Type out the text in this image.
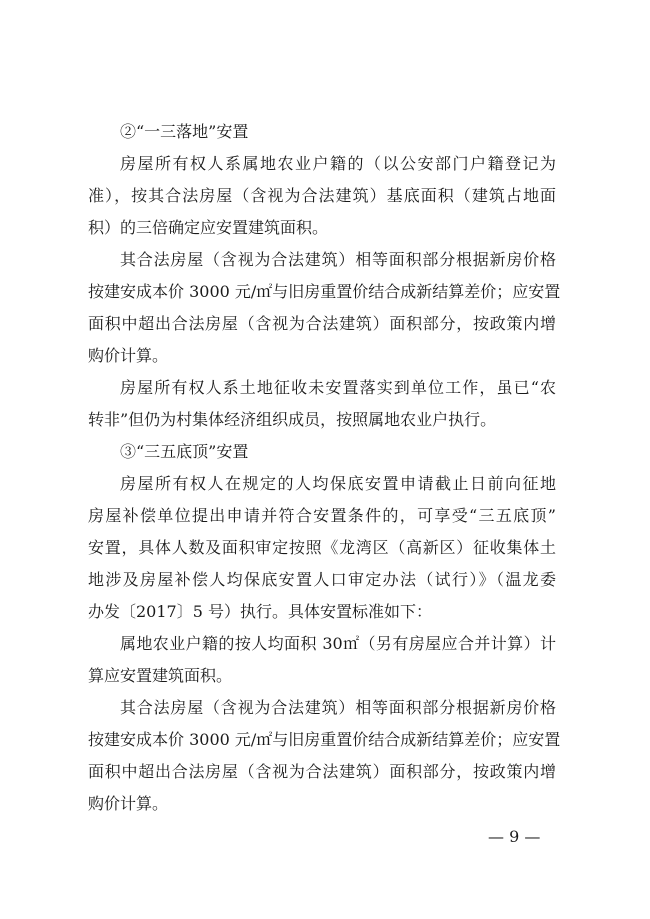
②“一三落地”安置
房屋所有权人系属地农业户籍的（以公安部门户籍登记为
准），按其合法房屋（含视为合法建筑）基底面积（建筑占地面
积）的三倍确定应安置建筑面积。
其合法房屋（含视为合法建筑）相等面积部分根据新房价格
按建安成本价 3000 元/㎡与旧房重置价结合成新结算差价；应安置
面积中超出合法房屋（含视为合法建筑）面积部分，按政策内增
购价计算。
房屋所有权人系土地征收未安置落实到单位工作，虽已“农
转非”但仍为村集体经济组织成员，按照属地农业户执行。
③“三五底顶”安置
房屋所有权人在规定的人均保底安置申请截止日前向征地
房屋补偿单位提出申请并符合安置条件的，可享受“三五底顶”
安置，具体人数及面积审定按照《龙湾区（高新区）征收集体土
地涉及房屋补偿人均保底安置人口审定办法（试行）》（温龙委
办发〔2017〕5 号）执行。具体安置标准如下：
属地农业户籍的按人均面积 30㎡（另有房屋应合并计算）计
算应安置建筑面积。
其合法房屋（含视为合法建筑）相等面积部分根据新房价格
按建安成本价 3000 元/㎡与旧房重置价结合成新结算差价；应安置
面积中超出合法房屋（含视为合法建筑）面积部分，按政策内增
购价计算。
— 9 —
